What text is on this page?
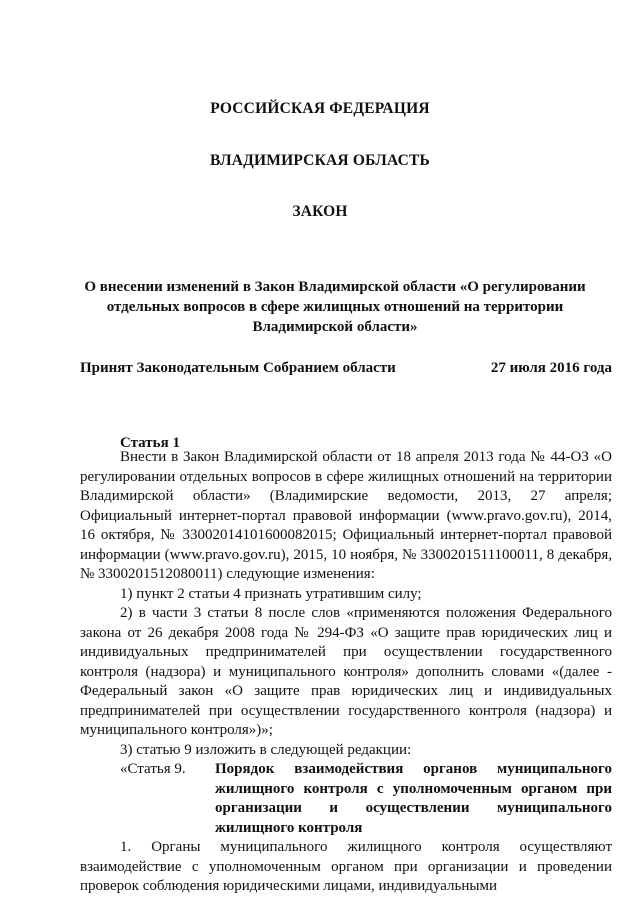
РОССИЙСКАЯ ФЕДЕРАЦИЯ
ВЛАДИМИРСКАЯ ОБЛАСТЬ
ЗАКОН
О внесении изменений в Закон Владимирской области «О регулировании
отдельных вопросов в сфере жилищных отношений на территории
Владимирской области»
Принят Законодательным Собранием области	27 июля 2016 года
Статья 1

Внести в Закон Владимирской области от 18 апреля 2013 года № 44-ОЗ «О регулировании отдельных вопросов в сфере жилищных отношений на территории Владимирской области» (Владимирские ведомости, 2013, 27 апреля; Официальный интернет-портал правовой информации (www.pravo.gov.ru), 2014, 16 октября, № 3300201410160008​2015; Официальный интернет-портал правовой информации (www.pravo.gov.ru), 2015, 10 ноября, № 3300201511100011, 8 декабря, № 3300201512080011) следующие изменения:

1) пункт 2 статьи 4 признать утратившим силу;

2) в части 3 статьи 8 после слов «применяются положения Федерального закона от 26 декабря 2008 года № 294-ФЗ «О защите прав юридических лиц и индивидуальных предпринимателей при осуществлении государственного контроля (надзора) и муниципального контроля» дополнить словами «(далее - Федеральный закон «О защите прав юридических лиц и индивидуальных предпринимателей при осуществлении государственного контроля (надзора) и муниципального контроля»)»;

3) статью 9 изложить в следующей редакции:

«Статья 9. Порядок взаимодействия органов муниципального жилищного контроля с уполномоченным органом при организации и осуществлении муниципального жилищного контроля

1. Органы муниципального жилищного контроля осуществляют взаимодействие с уполномоченным органом при организации и проведении проверок соблюдения юридическими лицами, индивидуальными
